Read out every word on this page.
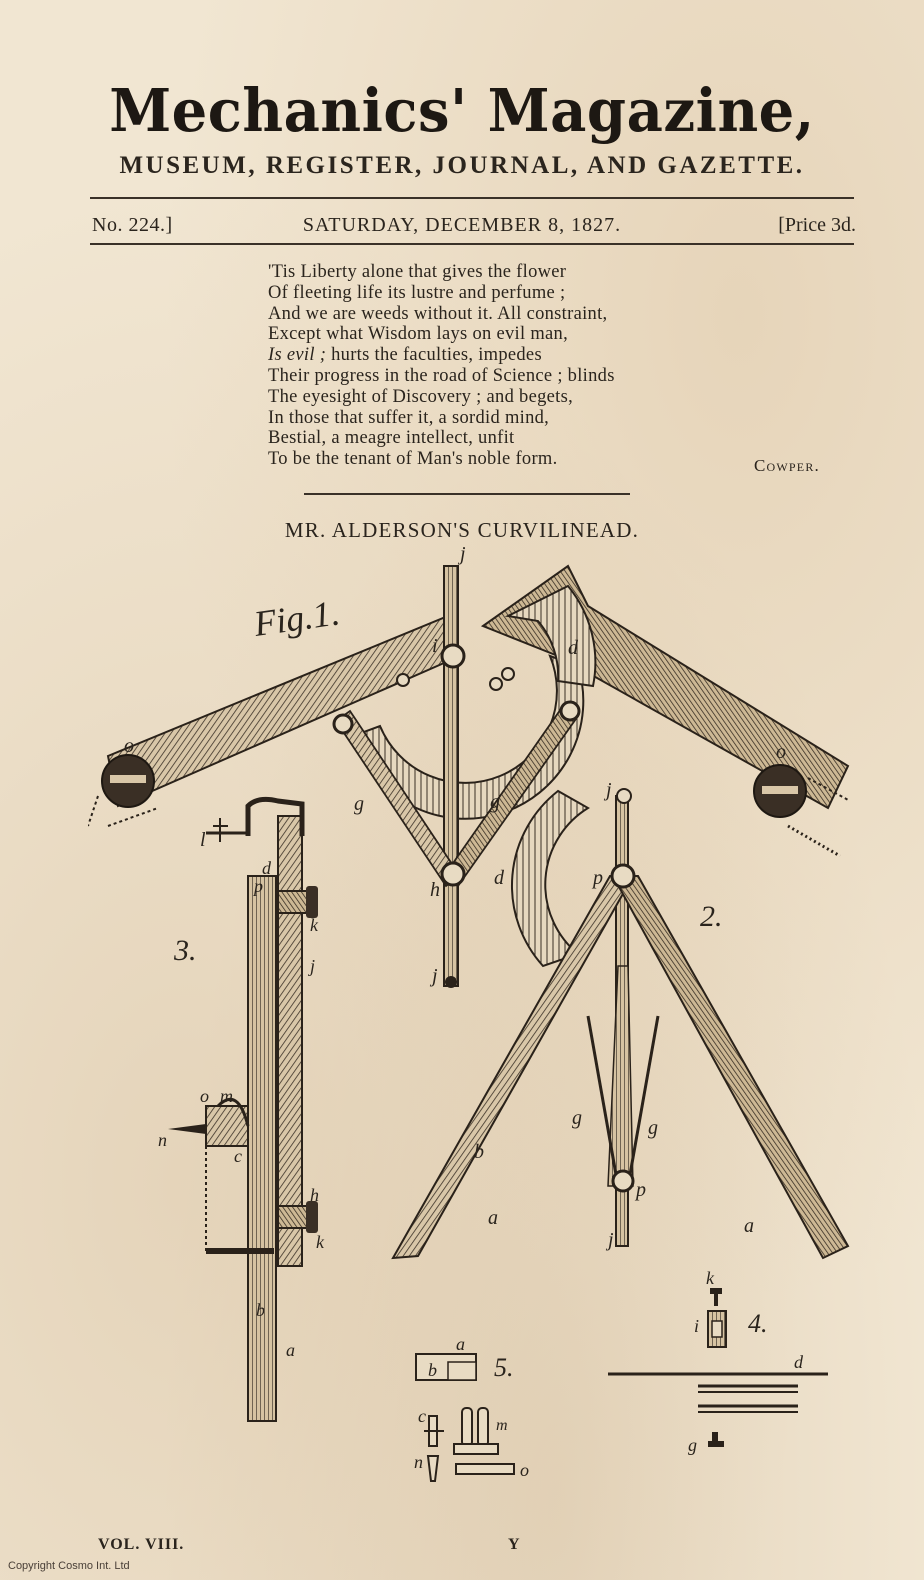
Mechanics' Magazine,
MUSEUM, REGISTER, JOURNAL, AND GAZETTE.
No. 224.]	SATURDAY, DECEMBER 8, 1827.	[Price 3d.
'Tis Liberty alone that gives the flower
Of fleeting life its lustre and perfume ;
And we are weeds without it. All constraint,
Except what Wisdom lays on evil man,
Is evil ; hurts the faculties, impedes
Their progress in the road of Science ; blinds
The eyesight of Discovery ; and begets,
In those that suffer it, a sordid mind,
Bestial, a meagre intellect, unfit
To be the tenant of Man's noble form.	Cowper.
MR. ALDERSON'S CURVILINEAD.
Fig.1.
j
i	d
o	o
g	g
h
j
2.
j
p
d
g	g
p
a
b
a
j
3.
l
d
p
k
j
o m
n
c
h
k
b
a
4.
k
i
d
g
5.
a
b
c	m
n	o
VOL. VIII.	Y
Copyright Cosmo Int. Ltd
